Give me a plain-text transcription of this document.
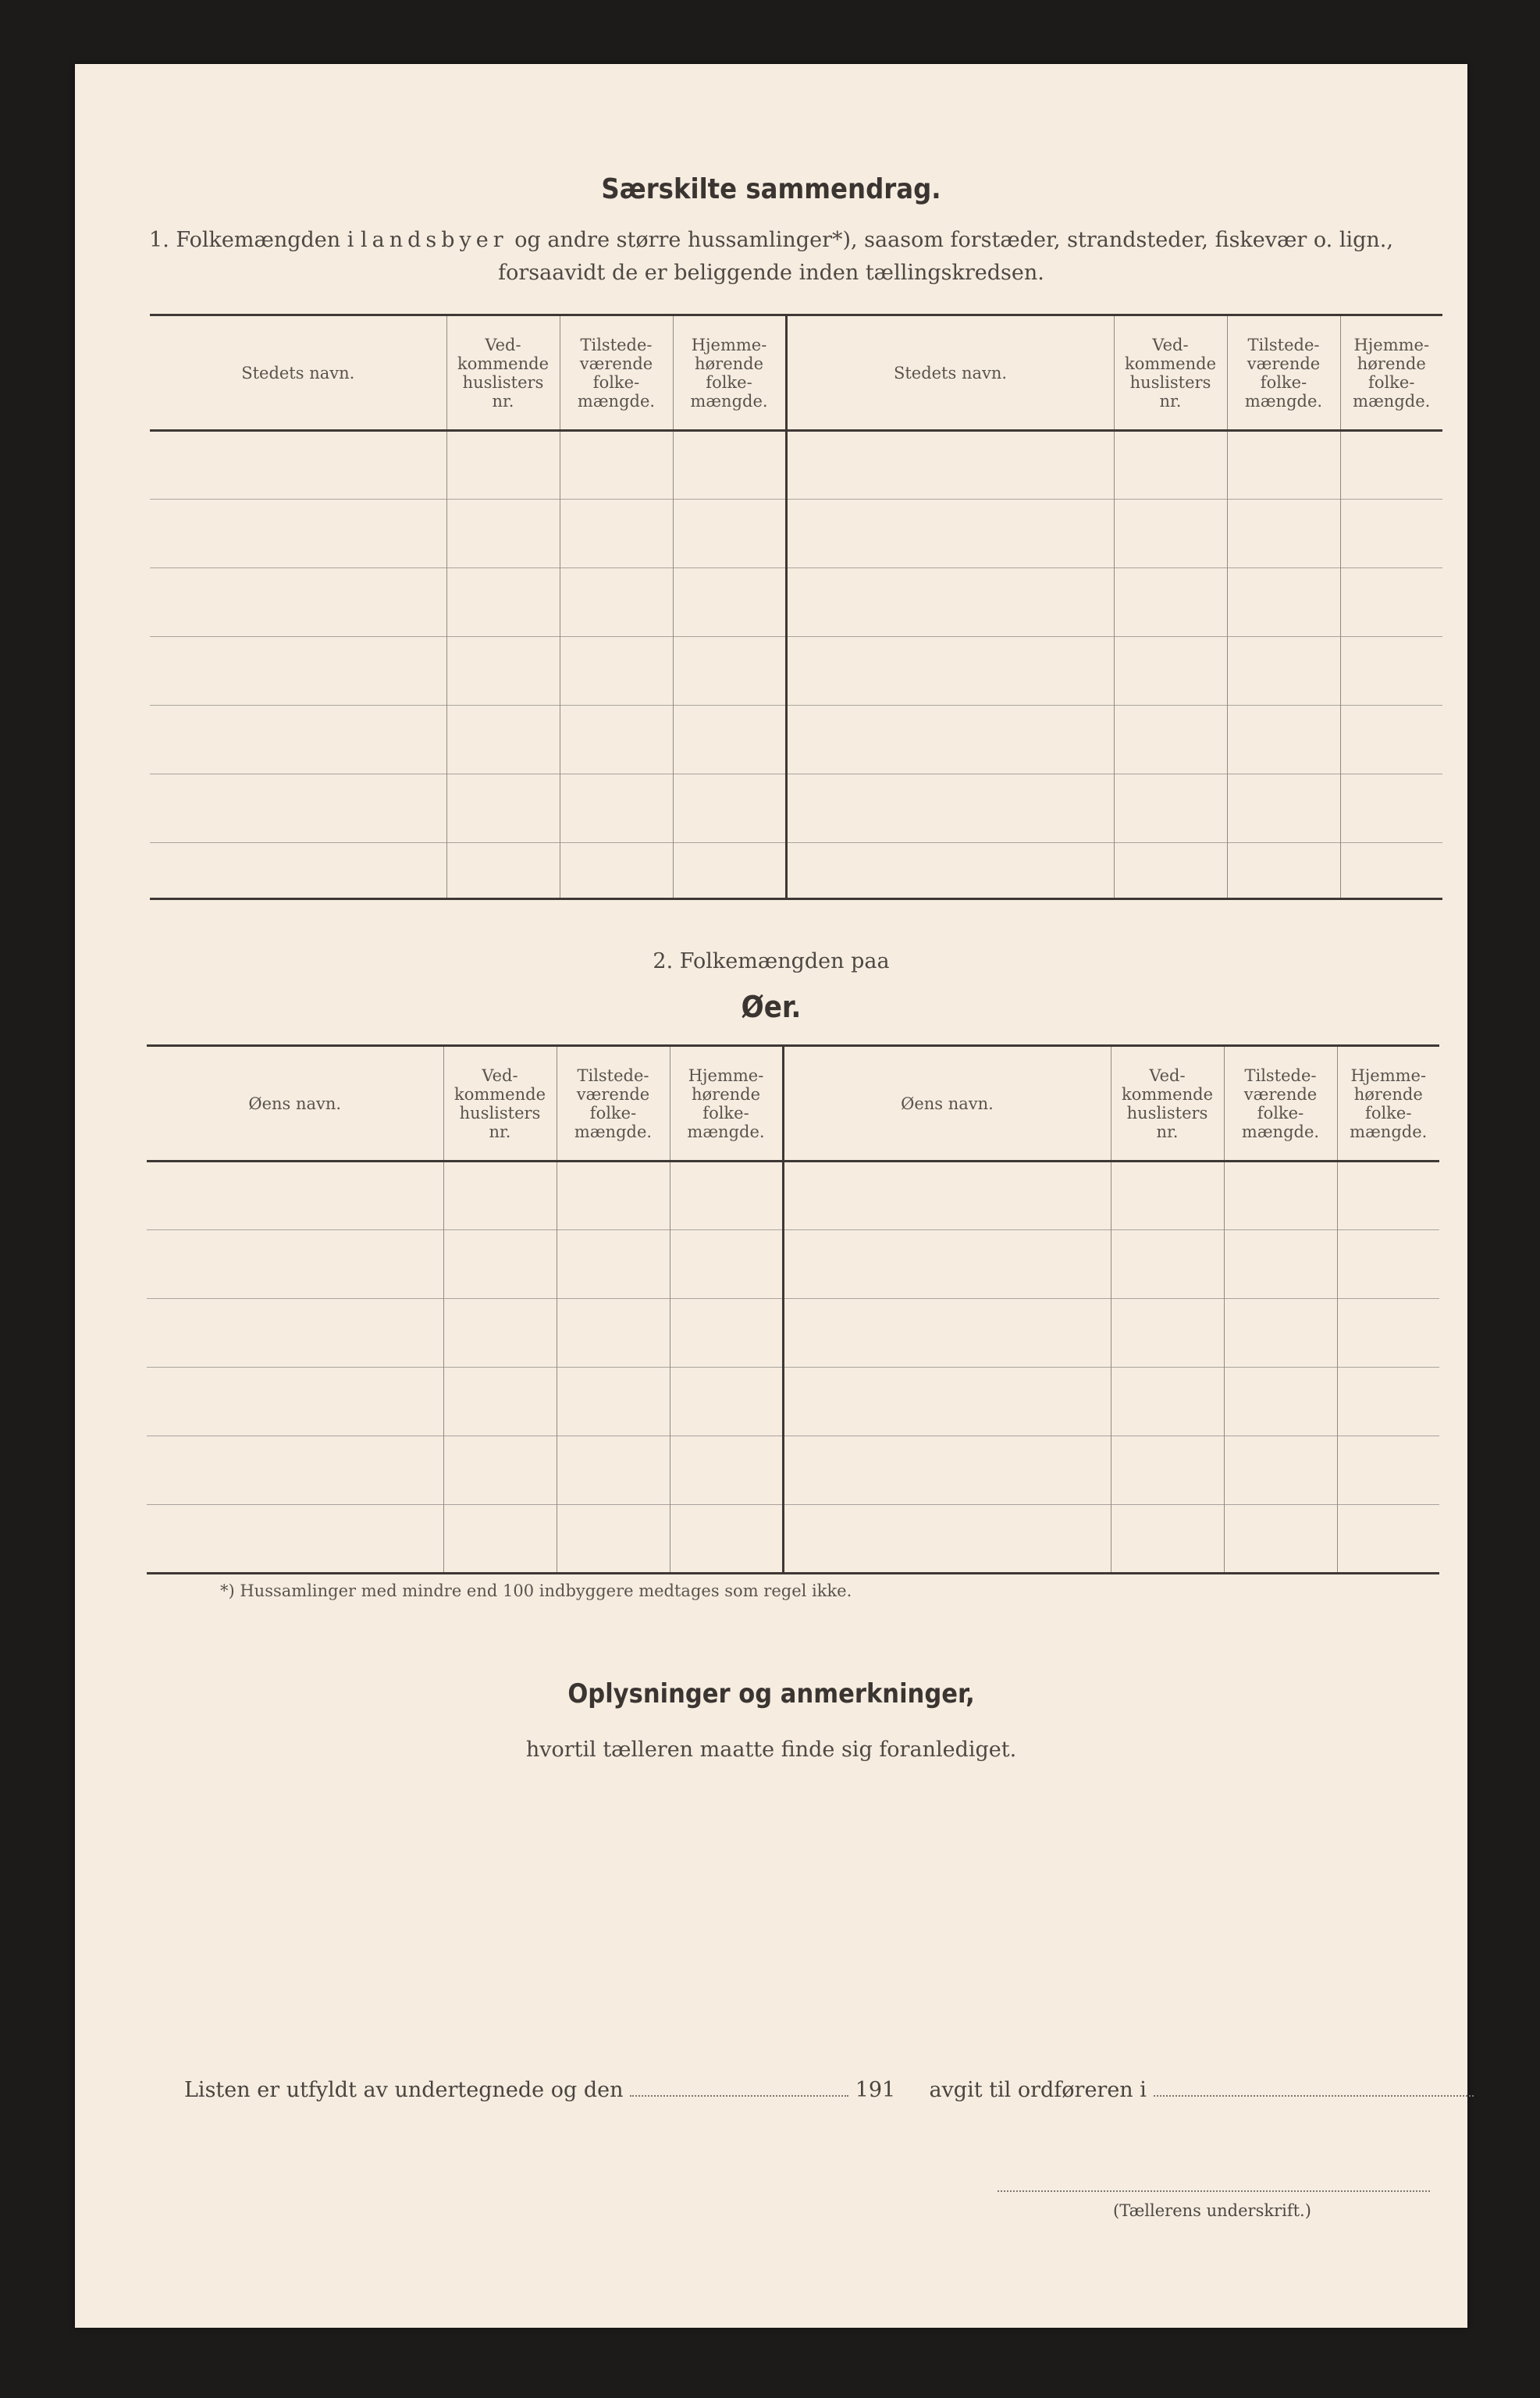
Særskilte sammendrag.
1. Folkemængden i landsbyer og andre større hussamlinger*), saasom forstæder, strandsteder, fiskevær o. lign.,
forsaavidt de er beliggende inden tællingskredsen.
Stedets navn.	Ved-
kommende
huslisters
nr.	Tilstede-
værende
folke-
mængde.	Hjemme-
hørende
folke-
mængde.	Stedets navn.	Ved-
kommende
huslisters
nr.	Tilstede-
værende
folke-
mængde.	Hjemme-
hørende
folke-
mængde.

2. Folkemængden paa
Øer.
Øens navn.	Ved-
kommende
huslisters
nr.	Tilstede-
værende
folke-
mængde.	Hjemme-
hørende
folke-
mængde.	Øens navn.	Ved-
kommende
huslisters
nr.	Tilstede-
værende
folke-
mængde.	Hjemme-
hørende
folke-
mængde.

*) Hussamlinger med mindre end 100 indbyggere medtages som regel ikke.
Oplysninger og anmerkninger,
hvortil tælleren maatte finde sig foranlediget.
Listen er utfyldt av undertegnede og den	191 avgit til ordføreren i
(Tællerens underskrift.)
